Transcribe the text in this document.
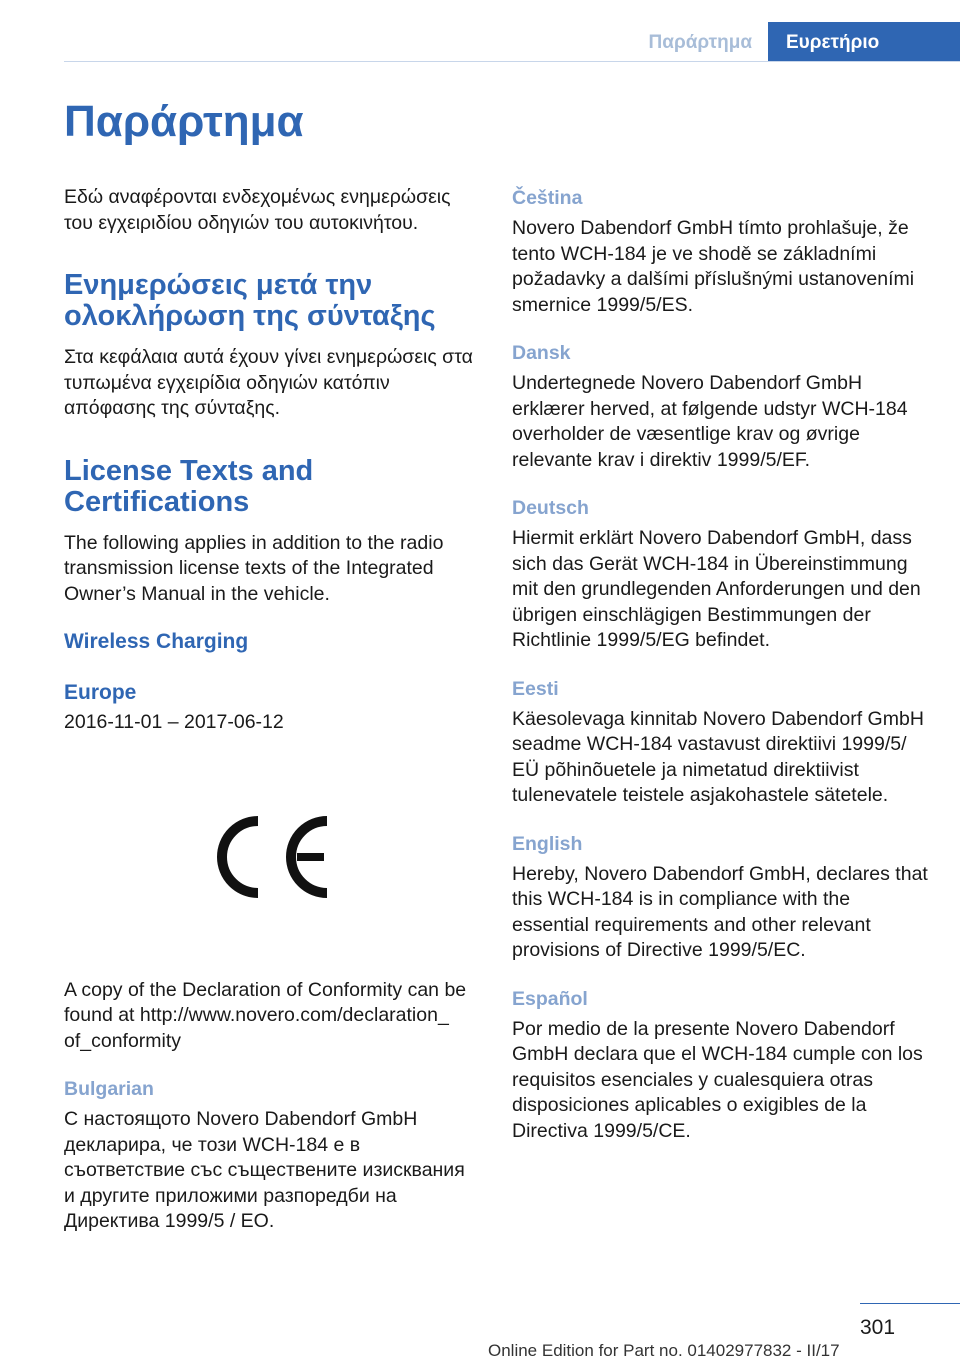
Παράρτημα	Ευρετήριο
Παράρτημα

Εδώ αναφέρονται ενδεχομένως ενημερώσεις του εγχειριδίου οδηγιών του αυτοκινήτου.

Ενημερώσεις μετά την ολοκλήρωση της σύνταξης

Στα κεφάλαια αυτά έχουν γίνει ενημερώσεις στα τυπωμένα εγχειρίδια οδηγιών κατόπιν απόφασης της σύνταξης.

License Texts and Certifications

The following applies in addition to the radio transmission license texts of the Integrated Owner’s Manual in the vehicle.

Wireless Charging
Europe

2016-11-01 – 2017-06-12

A copy of the Declaration of Conformity can be found at http://www.novero.com/declaration_ of_conformity

Bulgarian

С настоящото Novero Dabendorf GmbH декларира, че този WCH-184 е в съответствие със съществените изисквания и другите приложими разпоредби на Директива 1999/5 / ЕО.

Čeština

Novero Dabendorf GmbH tímto prohlašuje, že tento WCH-184 je ve shodě se základními požadavky a dalšími příslušnými ustanoveními smernice 1999/5/ES.

Dansk

Undertegnede Novero Dabendorf GmbH erklærer herved, at følgende udstyr WCH-184 overholder de væsentlige krav og øvrige relevante krav i direktiv 1999/5/EF.

Deutsch

Hiermit erklärt Novero Dabendorf GmbH, dass sich das Gerät WCH-184 in Übereinstimmung mit den grundlegenden Anforderungen und den übrigen einschlägigen Bestimmungen der Richtlinie 1999/5/EG befindet.

Eesti

Käesolevaga kinnitab Novero Dabendorf GmbH seadme WCH-184 vastavust direktiivi 1999/5/ EÜ põhinõuetele ja nimetatud direktiivist tulenevatele teistele asjakohastele sätetele.

English

Hereby, Novero Dabendorf GmbH, declares that this WCH-184 is in compliance with the essential requirements and other relevant provisions of Directive 1999/5/EC.

Español

Por medio de la presente Novero Dabendorf GmbH declara que el WCH-184 cumple con los requisitos esenciales y cualesquiera otras disposiciones aplicables o exigibles de la Directiva 1999/5/CE.

301
Online Edition for Part no. 01402977832 - II/17
